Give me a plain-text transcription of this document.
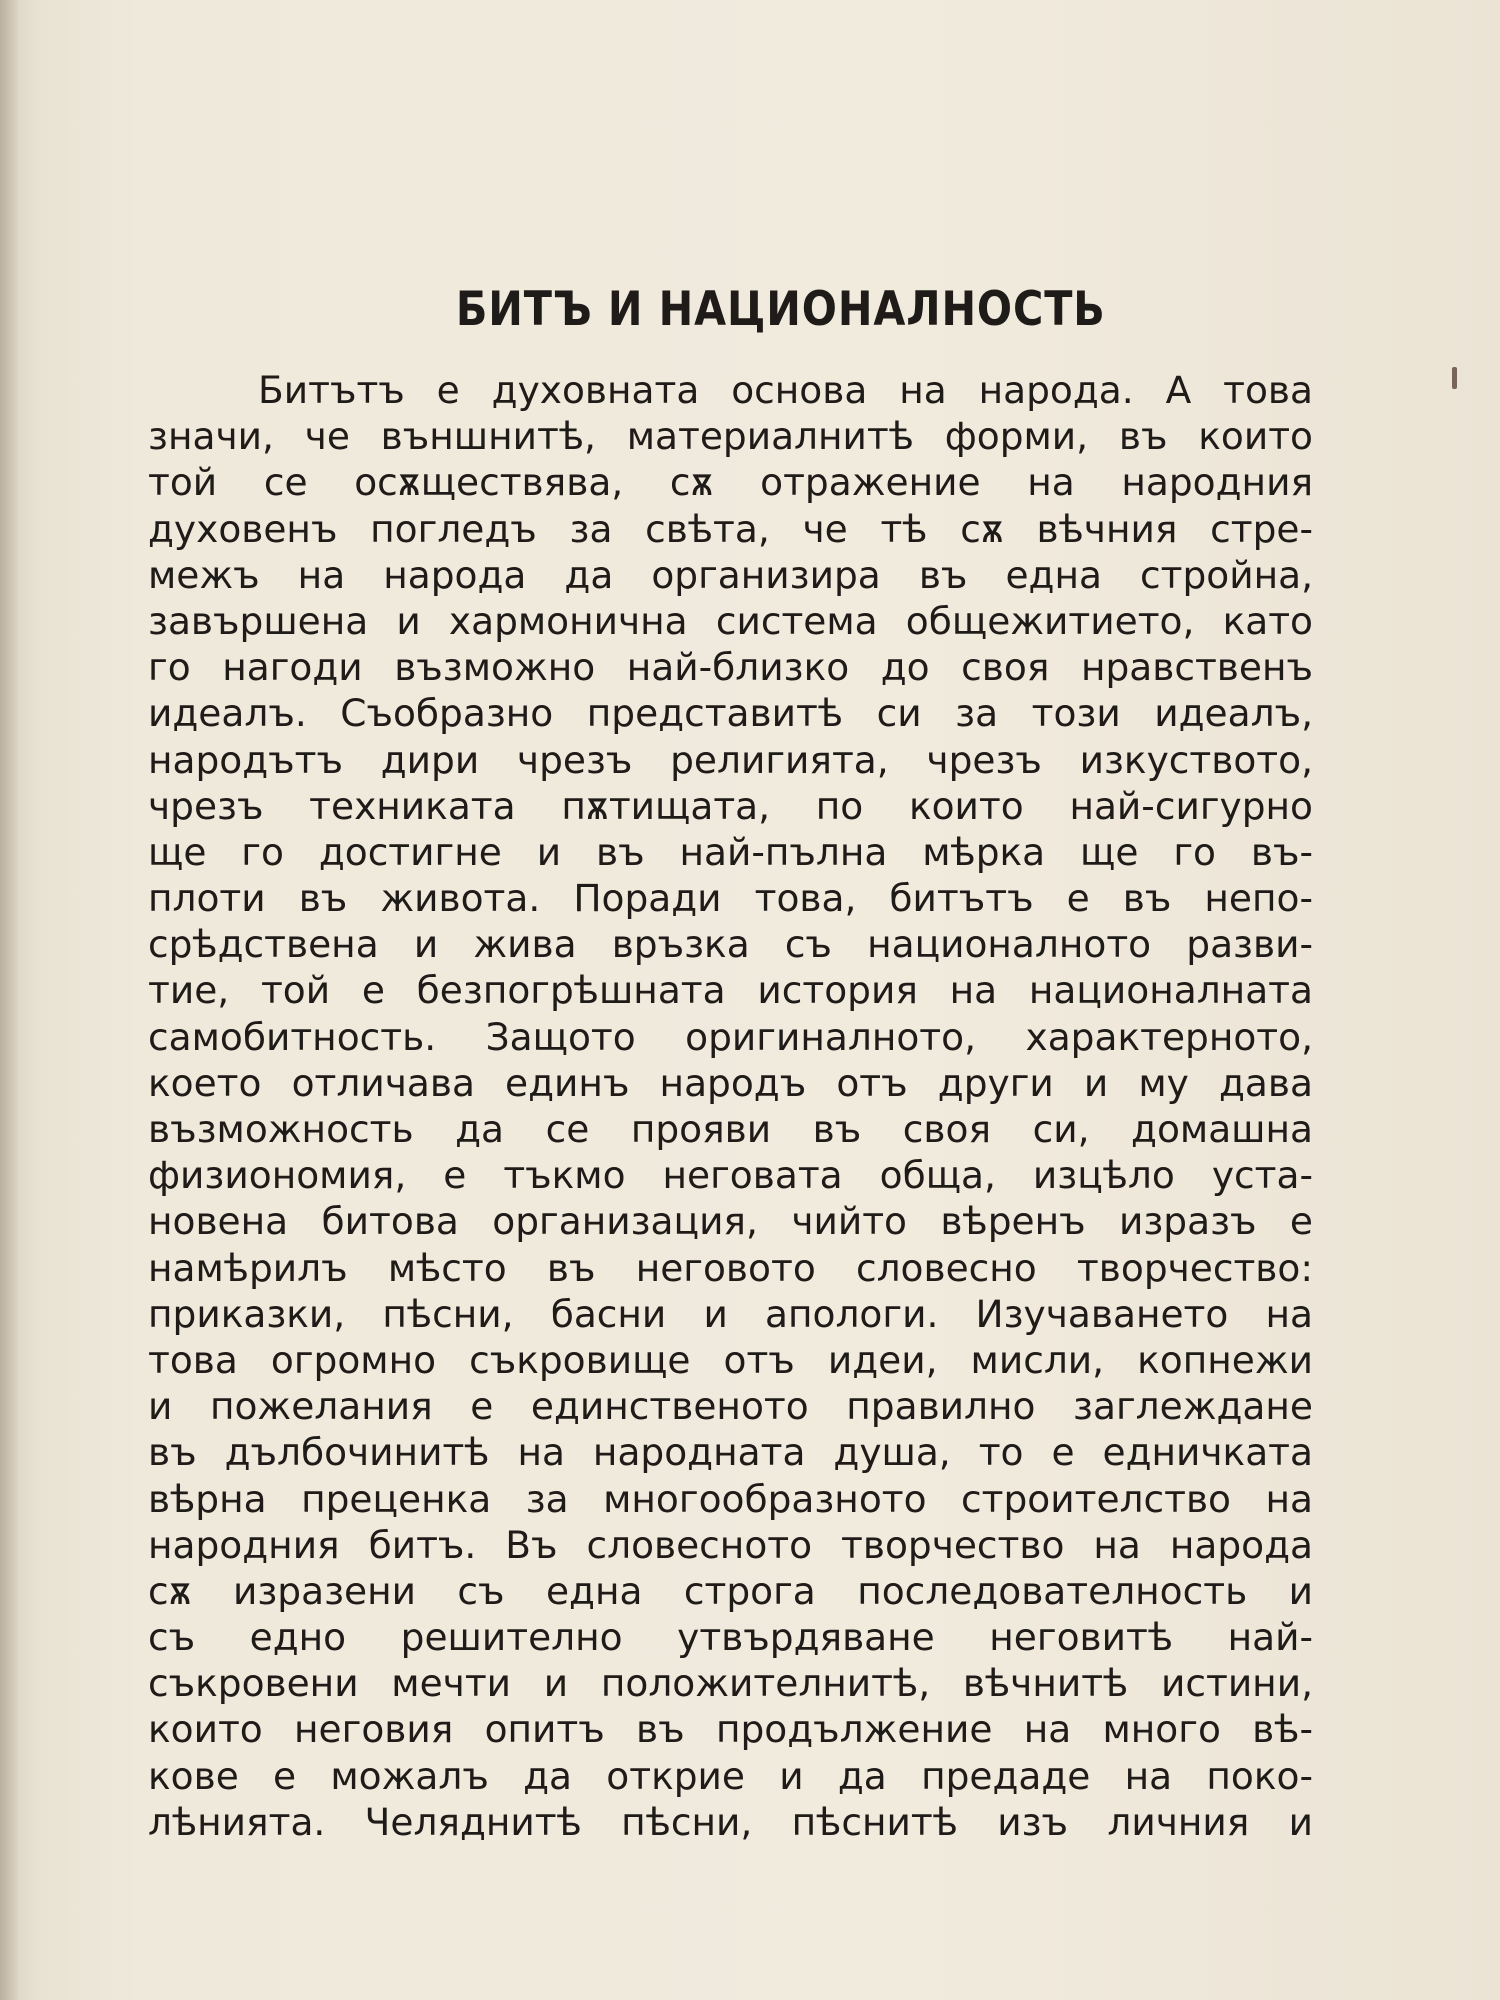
БИТЪ И НАЦИОНАЛНОСТЬ
Битътъ е духовната основа на народа. А това
значи, че външнитѣ, материалнитѣ форми, въ които
той се осѫществява, сѫ отражение на народния
духовенъ погледъ за свѣта, че тѣ сѫ вѣчния стре-
межъ на народа да организира въ една стройна,
завършена и хармонична система общежитието, като
го нагоди възможно най-близко до своя нравственъ
идеалъ. Съобразно представитѣ си за този идеалъ,
народътъ дири чрезъ религията, чрезъ изкуството,
чрезъ техниката пѫтищата, по които най-сигурно
ще го достигне и въ най-пълна мѣрка ще го въ-
плоти въ живота. Поради това, битътъ е въ непо-
срѣдствена и жива връзка съ националното разви-
тие, той е безпогрѣшната история на националната
самобитность. Защото оригиналното, характерното,
което отличава единъ народъ отъ други и му дава
възможность да се прояви въ своя си, домашна
физиономия, е тъкмо неговата обща, изцѣло уста-
новена битова организация, чийто вѣренъ изразъ е
намѣрилъ мѣсто въ неговото словесно творчество:
приказки, пѣсни, басни и апологи. Изучаването на
това огромно съкровище отъ идеи, мисли, копнежи
и пожелания е единственото правилно заглеждане
въ дълбочинитѣ на народната душа, то е едничката
вѣрна преценка за многообразното строителство на
народния битъ. Въ словесното творчество на народа
сѫ изразени съ една строга последователность и
съ едно решително утвърдяване неговитѣ най-
съкровени мечти и положителнитѣ, вѣчнитѣ истини,
които неговия опитъ въ продължение на много вѣ-
кове е можалъ да открие и да предаде на поко-
лѣнията. Челяднитѣ пѣсни, пѣснитѣ изъ личния и
